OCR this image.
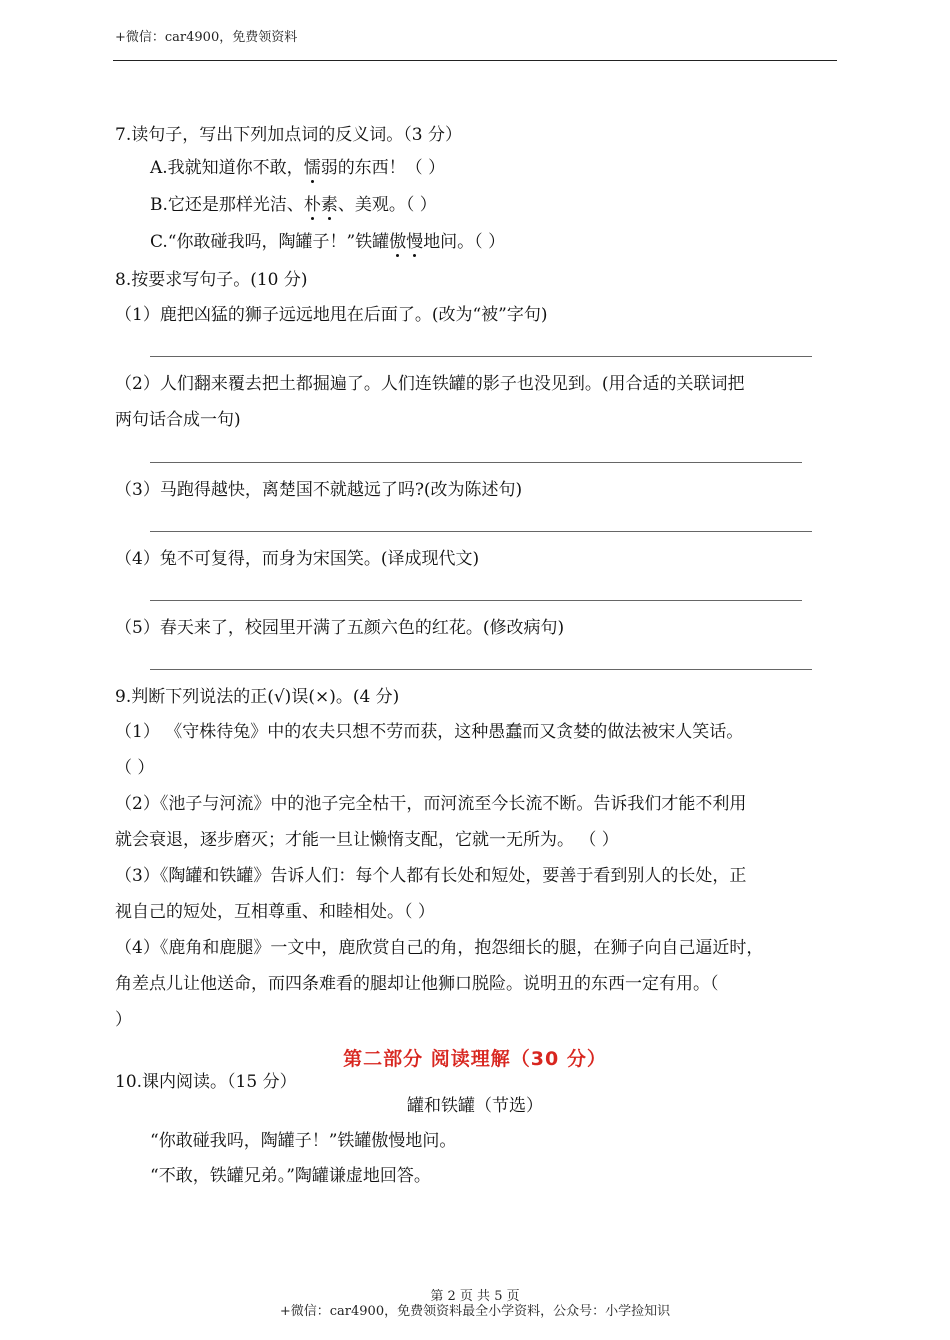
+微信：car4900，免费领资料
7.读句子，写出下列加点词的反义词。（3 分）
A.我就知道你不敢，懦弱的东西！（ ）
B.它还是那样光洁、朴素、美观。（ ）
C.“你敢碰我吗，陶罐子！”铁罐傲慢地问。（ ）
8.按要求写句子。(10 分)
（1）鹿把凶猛的狮子远远地甩在后面了。(改为“被”字句)
（2）人们翻来覆去把土都掘遍了。人们连铁罐的影子也没见到。(用合适的关联词把
两句话合成一句)
（3）马跑得越快，离楚国不就越远了吗?(改为陈述句)
（4）兔不可复得，而身为宋国笑。(译成现代文)
（5）春天来了，校园里开满了五颜六色的红花。(修改病句)
9.判断下列说法的正(√)误(×)。(4 分)
（1） 《守株待兔》中的农夫只想不劳而获，这种愚蠢而又贪婪的做法被宋人笑话。
（ ）
（2）《池子与河流》中的池子完全枯干，而河流至今长流不断。告诉我们才能不利用
就会衰退，逐步磨灭；才能一旦让懒惰支配，它就一无所为。 （ ）
（3）《陶罐和铁罐》告诉人们：每个人都有长处和短处，要善于看到别人的长处，正
视自己的短处，互相尊重、和睦相处。（ ）
（4）《鹿角和鹿腿》一文中，鹿欣赏自己的角，抱怨细长的腿，在狮子向自己逼近时，
角差点儿让他送命，而四条难看的腿却让他狮口脱险。说明丑的东西一定有用。（
）
第二部分 阅读理解（30 分）
10.课内阅读。（15 分）
罐和铁罐（节选）
“你敢碰我吗，陶罐子！”铁罐傲慢地问。
“不敢，铁罐兄弟。”陶罐谦虚地回答。
第 2 页 共 5 页
+微信：car4900，免费领资料最全小学资料，公众号：小学捡知识
